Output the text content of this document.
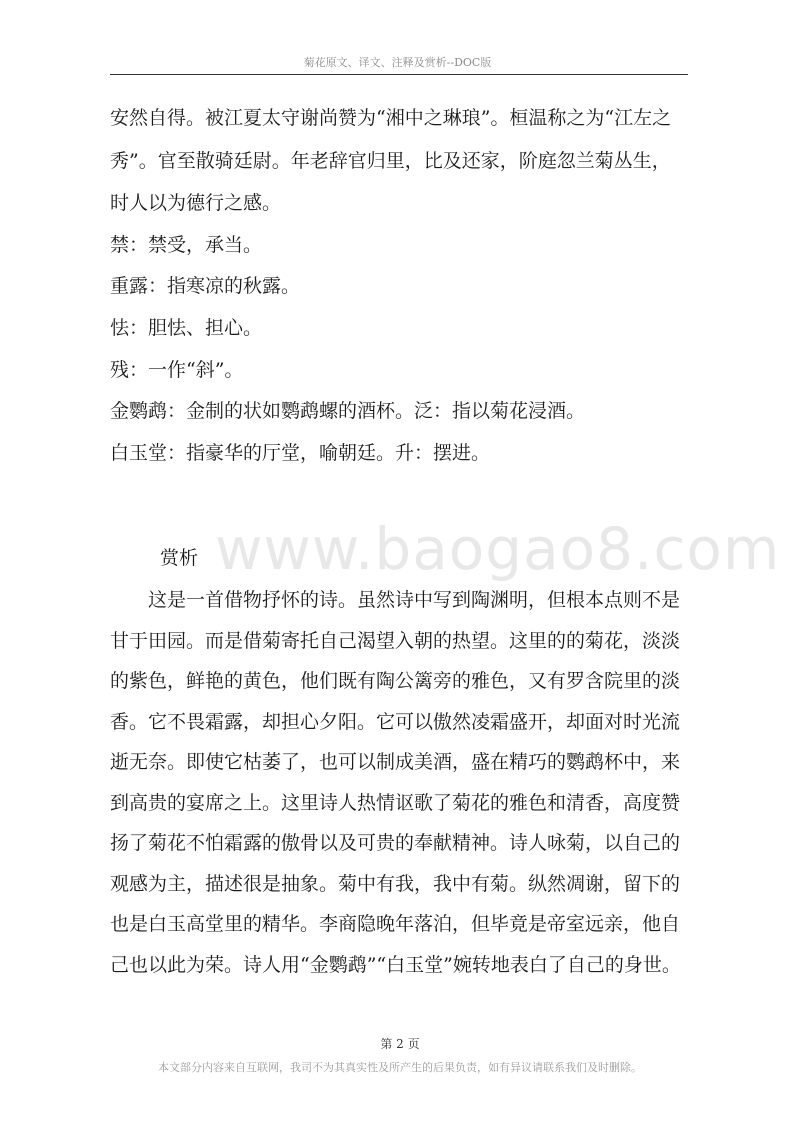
菊花原文、译文、注释及赏析--DOC版
安然自得。被江夏太守谢尚赞为“湘中之琳琅”。桓温称之为“江左之
秀”。官至散骑廷尉。年老辞官归里，比及还家，阶庭忽兰菊丛生，
时人以为德行之感。
禁：禁受，承当。
重露：指寒凉的秋露。
怯：胆怯、担心。
残：一作“斜”。
金鹦鹉：金制的状如鹦鹉螺的酒杯。泛：指以菊花浸酒。
白玉堂：指豪华的厅堂，喻朝廷。升：摆进。
www.baogao8.com
赏析
　　这是一首借物抒怀的诗。虽然诗中写到陶渊明，但根本点则不是
甘于田园。而是借菊寄托自己渴望入朝的热望。这里的的菊花，淡淡
的紫色，鲜艳的黄色，他们既有陶公篱旁的雅色，又有罗含院里的淡
香。它不畏霜露，却担心夕阳。它可以傲然凌霜盛开，却面对时光流
逝无奈。即使它枯萎了，也可以制成美酒，盛在精巧的鹦鹉杯中，来
到高贵的宴席之上。这里诗人热情讴歌了菊花的雅色和清香，高度赞
扬了菊花不怕霜露的傲骨以及可贵的奉献精神。诗人咏菊，以自己的
观感为主，描述很是抽象。菊中有我，我中有菊。纵然凋谢，留下的
也是白玉高堂里的精华。李商隐晚年落泊，但毕竟是帝室远亲，他自
己也以此为荣。诗人用“金鹦鹉”“白玉堂”婉转地表白了自己的身世。
第 2 页
本文部分内容来自互联网，我司不为其真实性及所产生的后果负责，如有异议请联系我们及时删除。
